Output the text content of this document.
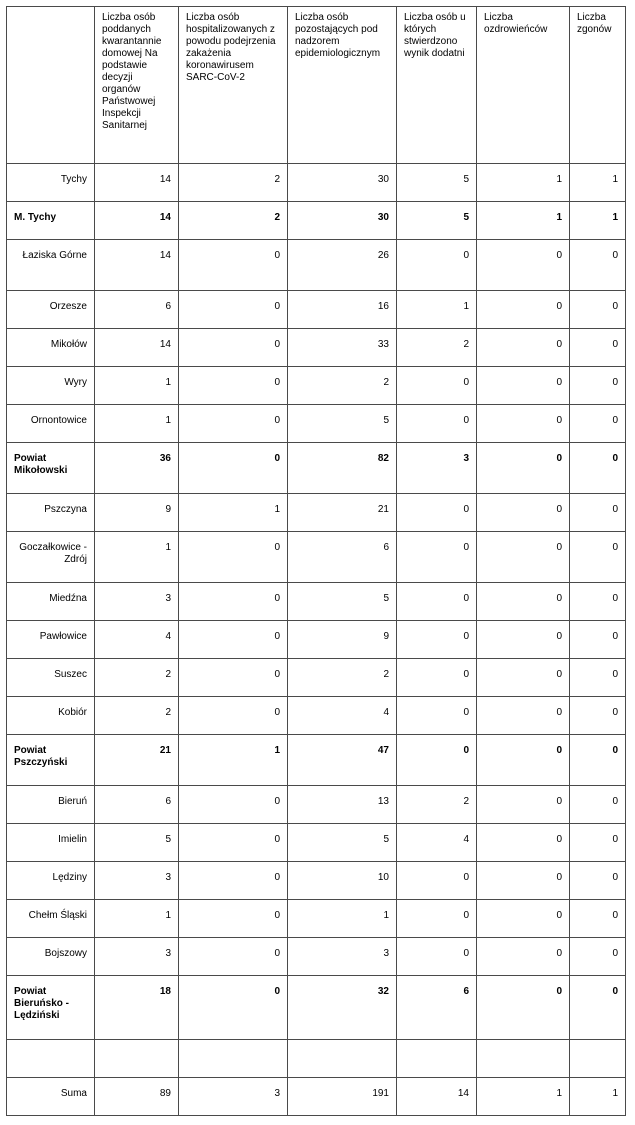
	Liczba osób poddanych kwarantannie domowej Na podstawie decyzji organów Państwowej Inspekcji Sanitarnej	Liczba osób hospitalizowanych z powodu podejrzenia zakażenia koronawirusem SARC-CoV-2	Liczba osób pozostających pod nadzorem epidemiologicznym	Liczba osób u których stwierdzono wynik dodatni	Liczba ozdrowieńców	Liczba zgonów
Tychy	14	2	30	5	1	1
M. Tychy	14	2	30	5	1	1
Łaziska Górne	14	0	26	0	0	0
Orzesze	6	0	16	1	0	0
Mikołów	14	0	33	2	0	0
Wyry	1	0	2	0	0	0
Ornontowice	1	0	5	0	0	0
Powiat Mikołowski	36	0	82	3	0	0
Pszczyna	9	1	21	0	0	0
Goczałkowice - Zdrój	1	0	6	0	0	0
Miedźna	3	0	5	0	0	0
Pawłowice	4	0	9	0	0	0
Suszec	2	0	2	0	0	0
Kobiór	2	0	4	0	0	0
Powiat Pszczyński	21	1	47	0	0	0
Bieruń	6	0	13	2	0	0
Imielin	5	0	5	4	0	0
Lędziny	3	0	10	0	0	0
Chełm Śląski	1	0	1	0	0	0
Bojszowy	3	0	3	0	0	0
Powiat Bieruńsko - Lędziński	18	0	32	6	0	0

Suma	89	3	191	14	1	1
